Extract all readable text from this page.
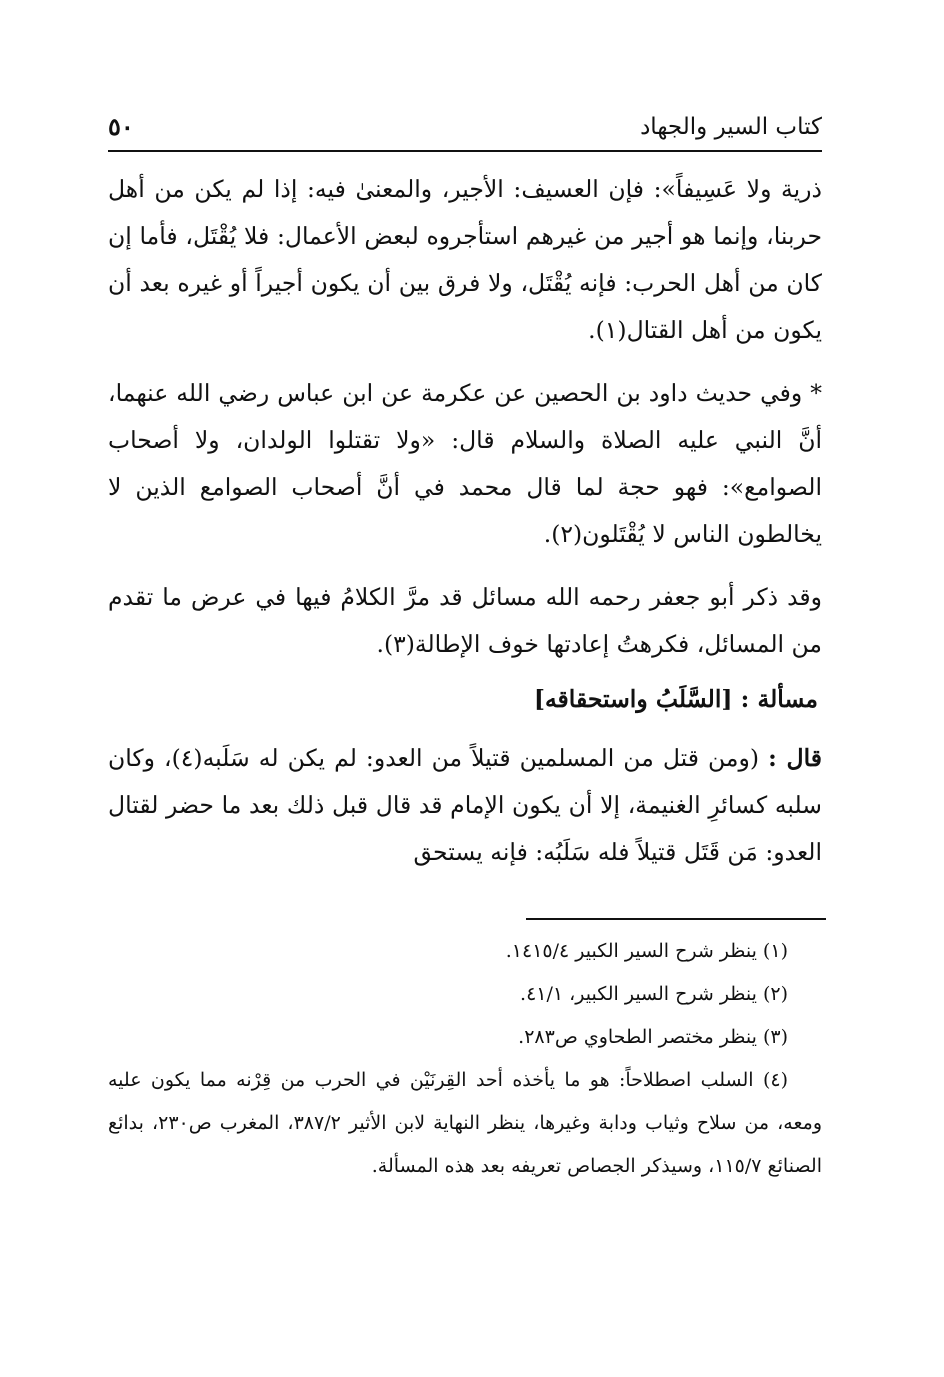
كتاب السير والجهاد
٥٠

ذرية ولا عَسِيفاً»: فإن العسيف: الأجير، والمعنىٰ فيه: إذا لم يكن من أهل حربنا، وإنما هو أجير من غيرهم استأجروه لبعض الأعمال: فلا يُقْتَل، فأما إن كان من أهل الحرب: فإنه يُقْتَل، ولا فرق بين أن يكون أجيراً أو غيره بعد أن يكون من أهل القتال(١).

* وفي حديث داود بن الحصين عن عكرمة عن ابن عباس رضي الله عنهما، أنَّ النبي عليه الصلاة والسلام قال: «ولا تقتلوا الولدان، ولا أصحاب الصوامع»: فهو حجة لما قال محمد في أنَّ أصحاب الصوامع الذين لا يخالطون الناس لا يُقْتَلون(٢).

وقد ذكر أبو جعفر رحمه الله مسائل قد مرَّ الكلامُ فيها في عرض ما تقدم من المسائل، فكرهتُ إعادتها خوف الإطالة(٣).

مسألة : [السَّلَبُ واستحقاقه]

قال : (ومن قتل من المسلمين قتيلاً من العدو: لم يكن له سَلَبه(٤)، وكان سلبه كسائرِ الغنيمة، إلا أن يكون الإمام قد قال قبل ذلك بعد ما حضر لقتال العدو: مَن قَتَل قتيلاً فله سَلَبُه: فإنه يستحق

(١) ينظر شرح السير الكبير ١٤١٥/٤.

(٢) ينظر شرح السير الكبير، ٤١/١.

(٣) ينظر مختصر الطحاوي ص٢٨٣.

(٤) السلب اصطلاحاً: هو ما يأخذه أحد القِرنَيْن في الحرب من قِرْنه مما يكون عليه ومعه، من سلاح وثياب ودابة وغيرها، ينظر النهاية لابن الأثير ٣٨٧/٢، المغرب ص٢٣٠، بدائع الصنائع ١١٥/٧، وسيذكر الجصاص تعريفه بعد هذه المسألة.
